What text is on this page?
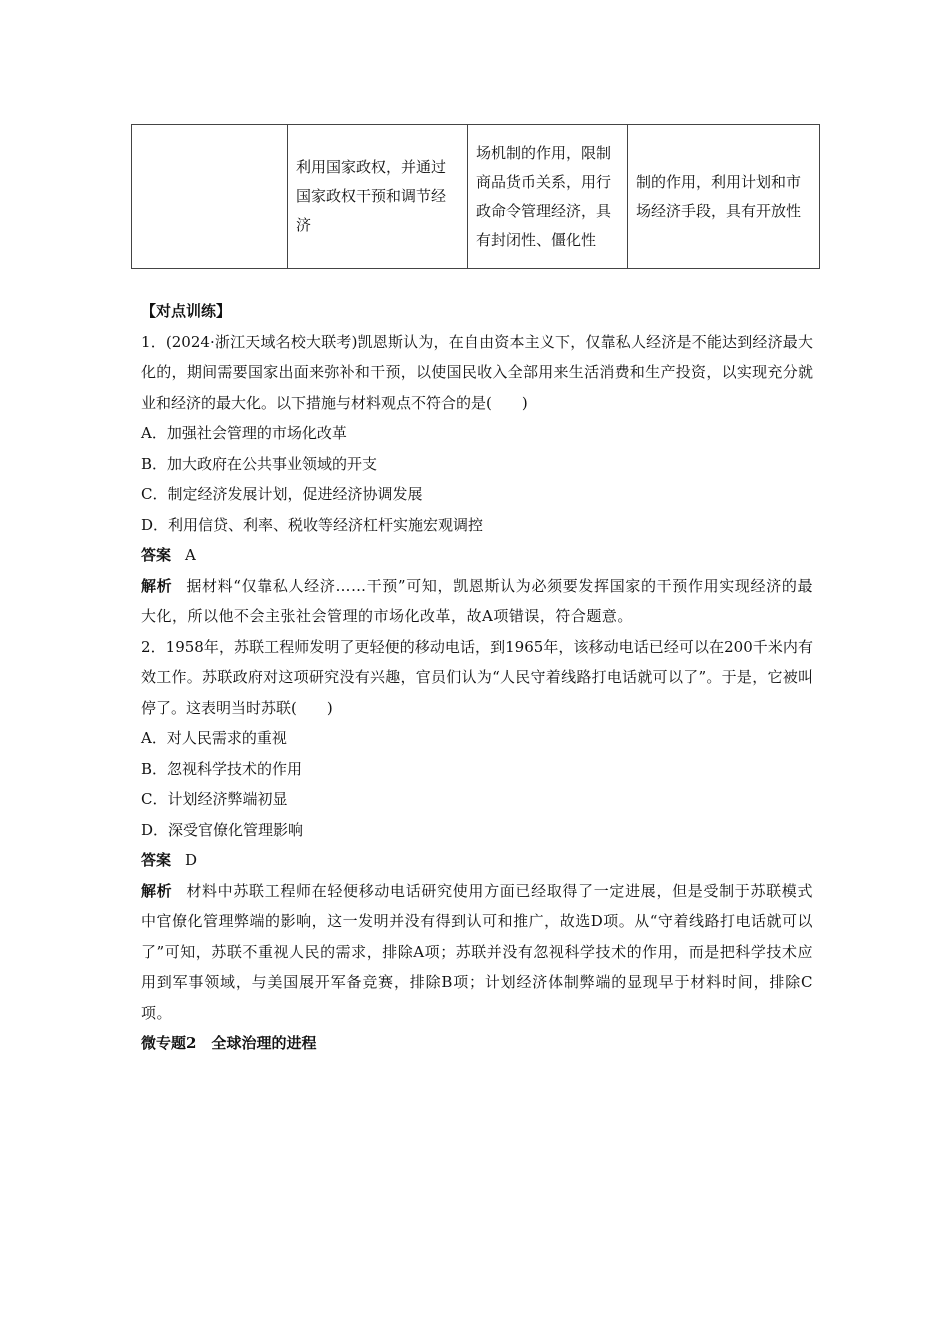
	利用国家政权，并通过国家政权干预和调节经济	场机制的作用，限制商品货币关系，用行政命令管理经济，具有封闭性、僵化性	制的作用，利用计划和市场经济手段，具有开放性
【对点训练】
1．(2024·浙江天域名校大联考)凯恩斯认为，在自由资本主义下，仅靠私人经济是不能达到经济最大化的，期间需要国家出面来弥补和干预，以使国民收入全部用来生活消费和生产投资，以实现充分就业和经济的最大化。以下措施与材料观点不符合的是(　　)
A．加强社会管理的市场化改革
B．加大政府在公共事业领域的开支
C．制定经济发展计划，促进经济协调发展
D．利用信贷、利率、税收等经济杠杆实施宏观调控
答案 A
解析 据材料“仅靠私人经济……干预”可知，凯恩斯认为必须要发挥国家的干预作用实现经济的最大化，所以他不会主张社会管理的市场化改革，故A项错误，符合题意。
2．1958年，苏联工程师发明了更轻便的移动电话，到1965年，该移动电话已经可以在200千米内有效工作。苏联政府对这项研究没有兴趣，官员们认为“人民守着线路打电话就可以了”。于是，它被叫停了。这表明当时苏联(　　)
A．对人民需求的重视
B．忽视科学技术的作用
C．计划经济弊端初显
D．深受官僚化管理影响
答案 D
解析 材料中苏联工程师在轻便移动电话研究使用方面已经取得了一定进展，但是受制于苏联模式中官僚化管理弊端的影响，这一发明并没有得到认可和推广，故选D项。从“守着线路打电话就可以了”可知，苏联不重视人民的需求，排除A项；苏联并没有忽视科学技术的作用，而是把科学技术应用到军事领域，与美国展开军备竞赛，排除B项；计划经济体制弊端的显现早于材料时间，排除C项。
微专题2　全球治理的进程
